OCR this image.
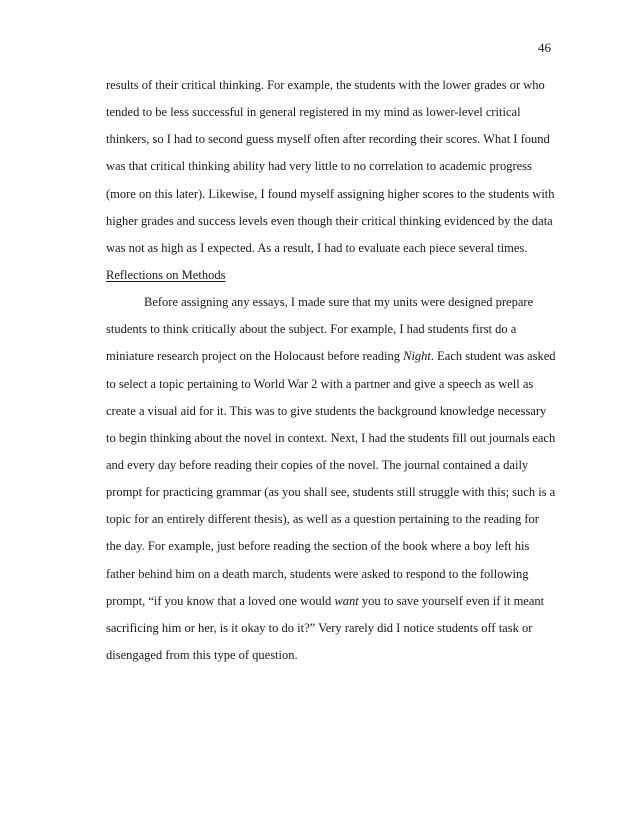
46
results of their critical thinking. For example, the students with the lower grades or who
tended to be less successful in general registered in my mind as lower-level critical
thinkers, so I had to second guess myself often after recording their scores. What I found
was that critical thinking ability had very little to no correlation to academic progress
(more on this later). Likewise, I found myself assigning higher scores to the students with
higher grades and success levels even though their critical thinking evidenced by the data
was not as high as I expected. As a result, I had to evaluate each piece several times.
Reflections on Methods
Before assigning any essays, I made sure that my units were designed prepare
students to think critically about the subject. For example, I had students first do a
miniature research project on the Holocaust before reading Night. Each student was asked
to select a topic pertaining to World War 2 with a partner and give a speech as well as
create a visual aid for it. This was to give students the background knowledge necessary
to begin thinking about the novel in context. Next, I had the students fill out journals each
and every day before reading their copies of the novel. The journal contained a daily
prompt for practicing grammar (as you shall see, students still struggle with this; such is a
topic for an entirely different thesis), as well as a question pertaining to the reading for
the day. For example, just before reading the section of the book where a boy left his
father behind him on a death march, students were asked to respond to the following
prompt, “if you know that a loved one would want you to save yourself even if it meant
sacrificing him or her, is it okay to do it?” Very rarely did I notice students off task or
disengaged from this type of question.
